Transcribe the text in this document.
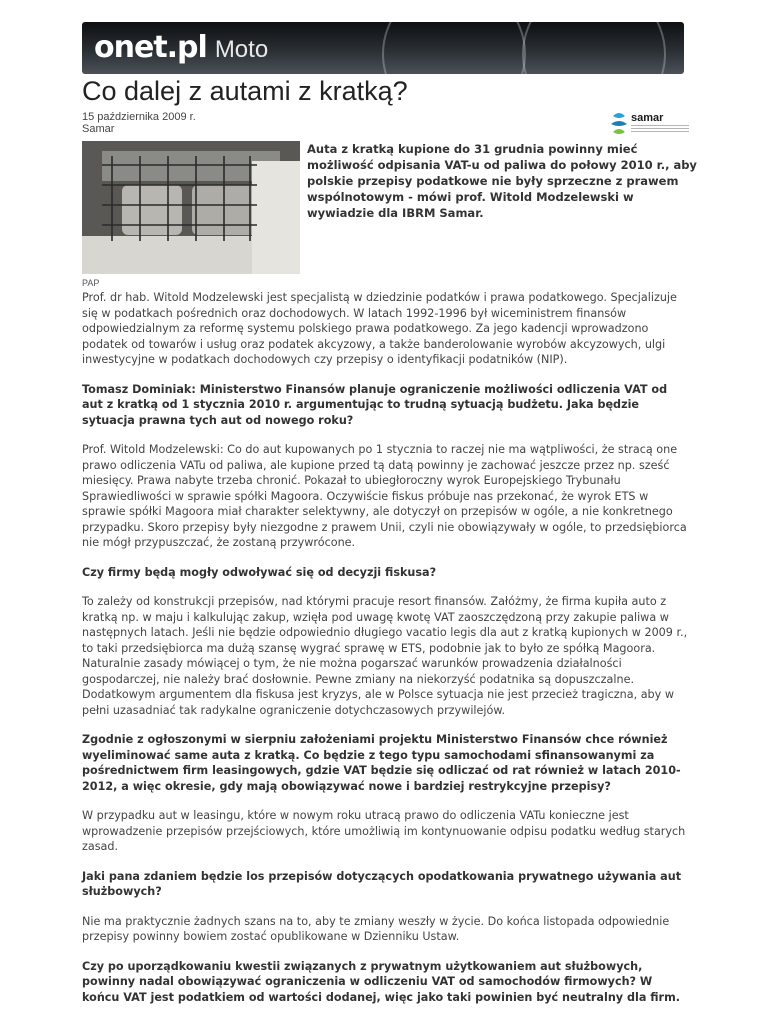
onet.pl Moto
Co dalej z autami z kratką?
15 października 2009 r.
Samar
samar
PAP

Auta z kratką kupione do 31 grudnia powinny mieć możliwość odpisania VAT-u od paliwa do połowy 2010 r., aby polskie przepisy podatkowe nie były sprzeczne z prawem wspólnotowym - mówi prof. Witold Modzelewski w wywiadzie dla IBRM Samar.

Prof. dr hab. Witold Modzelewski jest specjalistą w dziedzinie podatków i prawa podatkowego. Specjalizuje się w podatkach pośrednich oraz dochodowych. W latach 1992-1996 był wiceministrem finansów odpowiedzialnym za reformę systemu polskiego prawa podatkowego. Za jego kadencji wprowadzono podatek od towarów i usług oraz podatek akcyzowy, a także banderolowanie wyrobów akcyzowych, ulgi inwestycyjne w podatkach dochodowych czy przepisy o identyfikacji podatników (NIP).

Tomasz Dominiak: Ministerstwo Finansów planuje ograniczenie możliwości odliczenia VAT od aut z kratką od 1 stycznia 2010 r. argumentując to trudną sytuacją budżetu. Jaka będzie sytuacja prawna tych aut od nowego roku?

Prof. Witold Modzelewski: Co do aut kupowanych po 1 stycznia to raczej nie ma wątpliwości, że stracą one prawo odliczenia VATu od paliwa, ale kupione przed tą datą powinny je zachować jeszcze przez np. sześć miesięcy. Prawa nabyte trzeba chronić. Pokazał to ubiegłoroczny wyrok Europejskiego Trybunału Sprawiedliwości w sprawie spółki Magoora. Oczywiście fiskus próbuje nas przekonać, że wyrok ETS w sprawie spółki Magoora miał charakter selektywny, ale dotyczył on przepisów w ogóle, a nie konkretnego przypadku. Skoro przepisy były niezgodne z prawem Unii, czyli nie obowiązywały w ogóle, to przedsiębiorca nie mógł przypuszczać, że zostaną przywrócone.

Czy firmy będą mogły odwoływać się od decyzji fiskusa?

To zależy od konstrukcji przepisów, nad którymi pracuje resort finansów. Załóżmy, że firma kupiła auto z kratką np. w maju i kalkulując zakup, wzięła pod uwagę kwotę VAT zaoszczędzoną przy zakupie paliwa w następnych latach. Jeśli nie będzie odpowiednio długiego vacatio legis dla aut z kratką kupionych w 2009 r., to taki przedsiębiorca ma dużą szansę wygrać sprawę w ETS, podobnie jak to było ze spółką Magoora. Naturalnie zasady mówiącej o tym, że nie można pogarszać warunków prowadzenia działalności gospodarczej, nie należy brać dosłownie. Pewne zmiany na niekorzyść podatnika są dopuszczalne. Dodatkowym argumentem dla fiskusa jest kryzys, ale w Polsce sytuacja nie jest przecież tragiczna, aby w pełni uzasadniać tak radykalne ograniczenie dotychczasowych przywilejów.

Zgodnie z ogłoszonymi w sierpniu założeniami projektu Ministerstwo Finansów chce również wyeliminować same auta z kratką. Co będzie z tego typu samochodami sfinansowanymi za pośrednictwem firm leasingowych, gdzie VAT będzie się odliczać od rat również w latach 2010-2012, a więc okresie, gdy mają obowiązywać nowe i bardziej restrykcyjne przepisy?

W przypadku aut w leasingu, które w nowym roku utracą prawo do odliczenia VATu konieczne jest wprowadzenie przepisów przejściowych, które umożliwią im kontynuowanie odpisu podatku według starych zasad.

Jaki pana zdaniem będzie los przepisów dotyczących opodatkowania prywatnego używania aut służbowych?

Nie ma praktycznie żadnych szans na to, aby te zmiany weszły w życie. Do końca listopada odpowiednie przepisy powinny bowiem zostać opublikowane w Dzienniku Ustaw.

Czy po uporządkowaniu kwestii związanych z prywatnym użytkowaniem aut służbowych, powinny nadal obowiązywać ograniczenia w odliczeniu VAT od samochodów firmowych? W końcu VAT jest podatkiem od wartości dodanej, więc jako taki powinien być neutralny dla firm.
